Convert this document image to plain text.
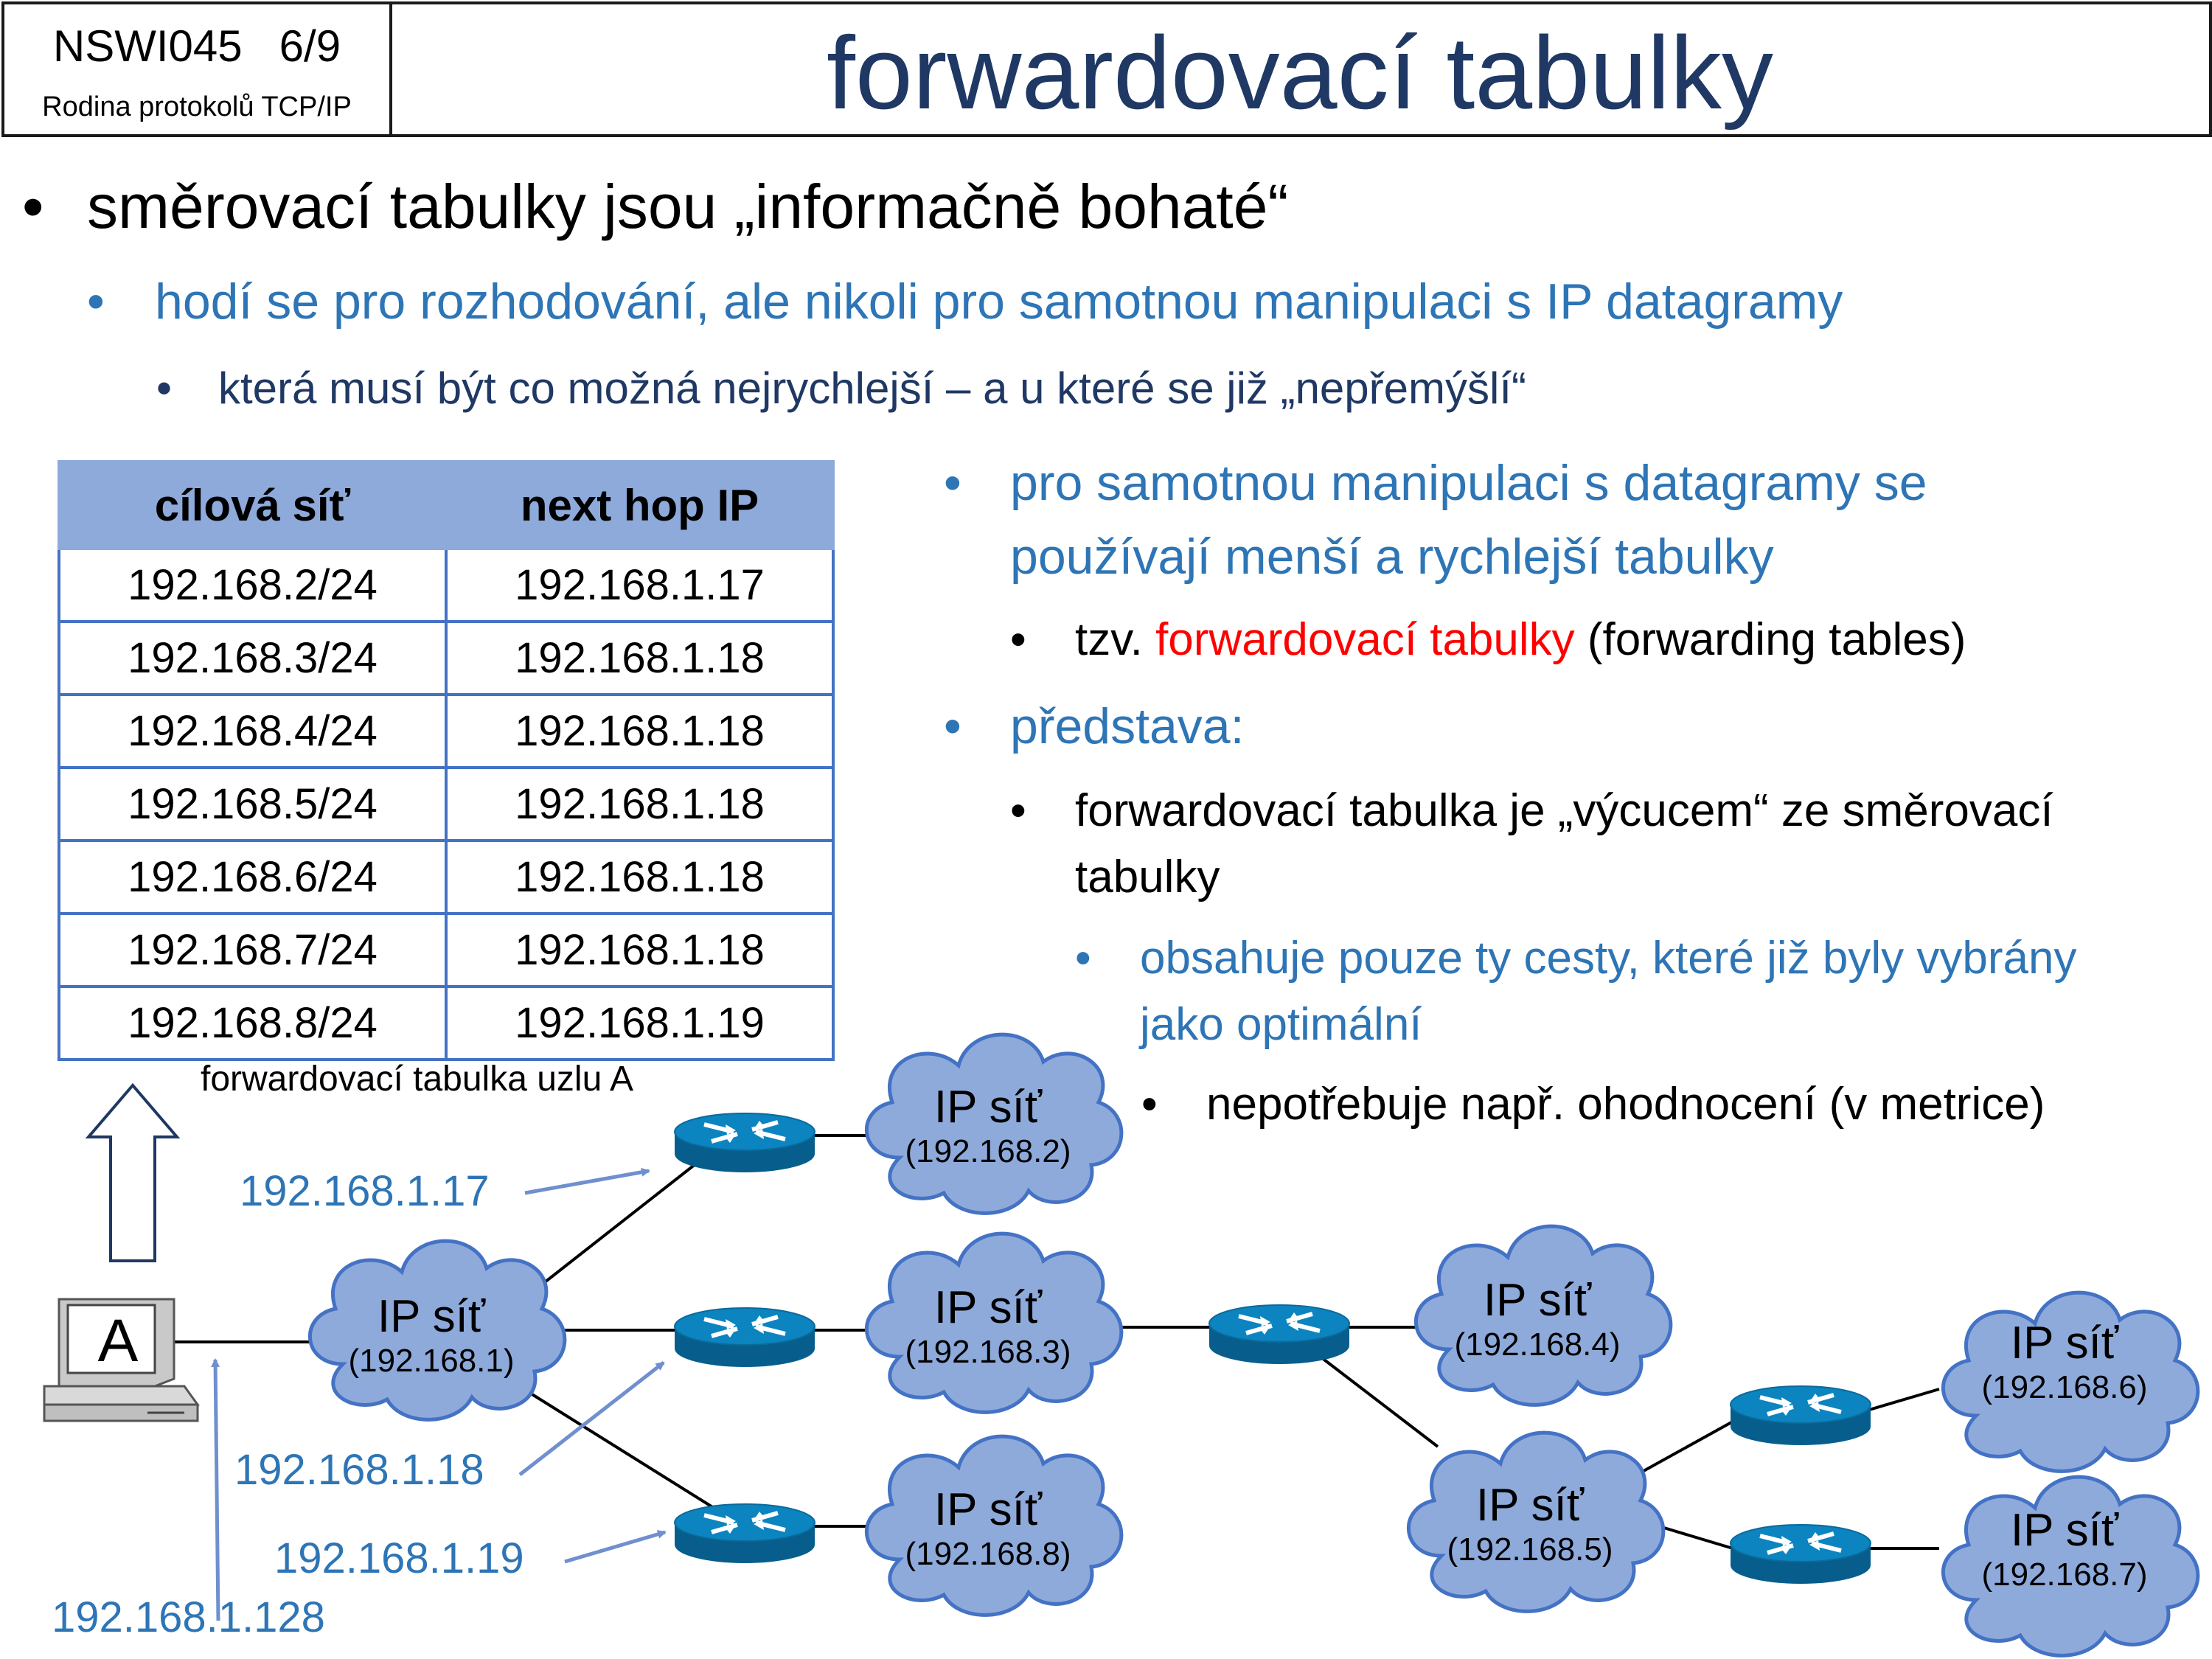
NSWI045   6/9
Rodina protokolů TCP/IP	forwardovací tabulky
• směrovací tabulky jsou „informačně bohaté“
• hodí se pro rozhodování, ale nikoli pro samotnou manipulaci s IP datagramy
• která musí být co možná nejrychlejší – a u které se již „nepřemýšlí“
• pro samotnou manipulaci s datagramy se
používají menší a rychlejší tabulky
• tzv. forwardovací tabulky (forwarding tables)
• představa:
• forwardovací tabulka je „výcucem“ ze směrovací
tabulky
• obsahuje pouze ty cesty, které již byly vybrány
jako optimální
• nepotřebuje např. ohodnocení (v metrice)
cílová síť	next hop IP
192.168.2/24	192.168.1.17
192.168.3/24	192.168.1.18
192.168.4/24	192.168.1.18
192.168.5/24	192.168.1.18
192.168.6/24	192.168.1.18
192.168.7/24	192.168.1.18
192.168.8/24	192.168.1.19
forwardovací tabulka uzlu A
A	IP síť
(192.168.1)
IP síť
(192.168.2)
IP síť
(192.168.3)
IP síť
(192.168.8)
IP síť
(192.168.4)
IP síť
(192.168.5)
IP síť
(192.168.6)
IP síť
(192.168.7)
192.168.1.17
192.168.1.18
192.168.1.19
192.168.1.128
